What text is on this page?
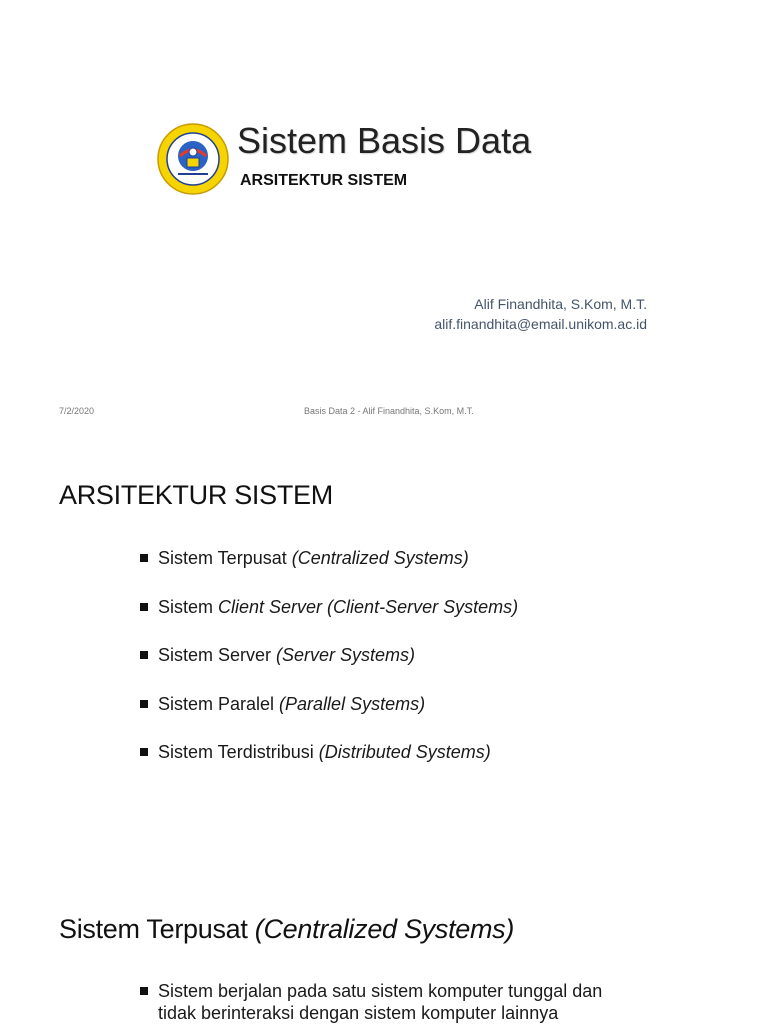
Sistem Basis Data
ARSITEKTUR SISTEM
Alif Finandhita, S.Kom, M.T.
alif.finandhita@email.unikom.ac.id
7/2/2020	Basis Data 2 - Alif Finandhita, S.Kom, M.T.
ARSITEKTUR SISTEM
Sistem Terpusat (Centralized Systems)
Sistem Client Server (Client-Server Systems)
Sistem Server (Server Systems)
Sistem Paralel (Parallel Systems)
Sistem Terdistribusi (Distributed Systems)
Sistem Terpusat (Centralized Systems)
Sistem berjalan pada satu sistem komputer tunggal dan
tidak berinteraksi dengan sistem komputer lainnya
